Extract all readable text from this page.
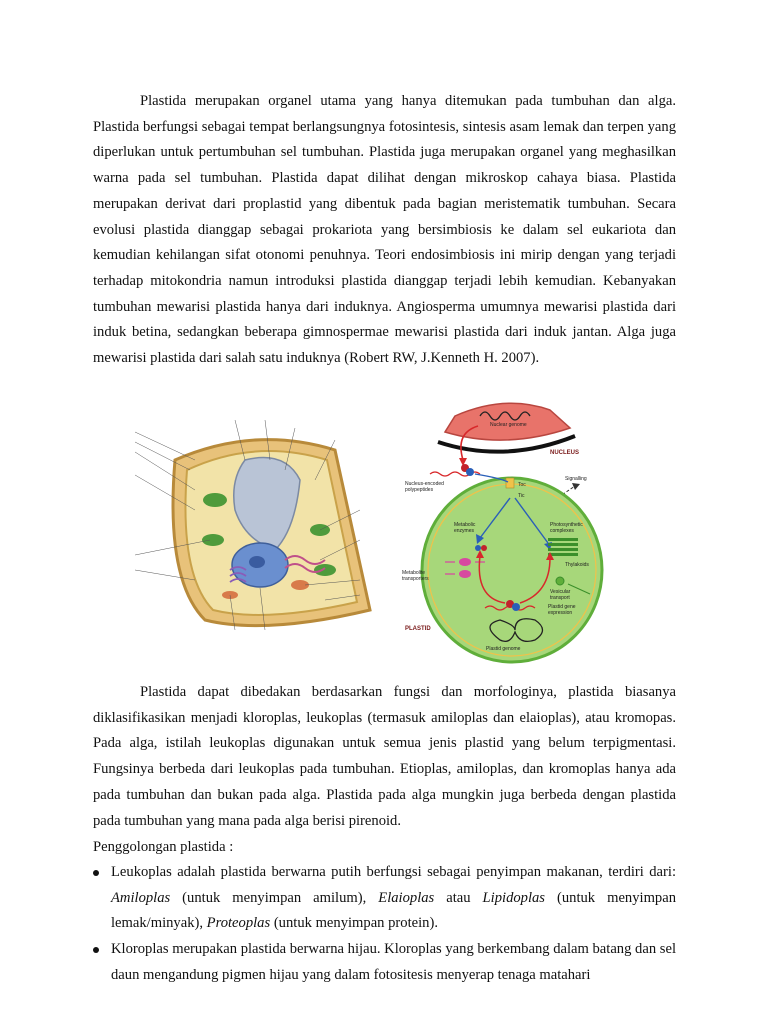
Plastida merupakan organel utama yang hanya ditemukan pada tumbuhan dan alga. Plastida berfungsi sebagai tempat berlangsungnya fotosintesis, sintesis asam lemak dan terpen yang diperlukan untuk pertumbuhan sel tumbuhan. Plastida juga merupakan organel yang meghasilkan warna pada sel tumbuhan. Plastida dapat dilihat dengan mikroskop cahaya biasa. Plastida merupakan derivat dari proplastid yang dibentuk pada bagian meristematik tumbuhan. Secara evolusi plastida dianggap sebagai prokariota yang bersimbiosis ke dalam sel eukariota dan kemudian kehilangan sifat otonomi penuhnya. Teori endosimbiosis ini mirip dengan yang terjadi terhadap mitokondria namun introduksi plastida dianggap terjadi lebih kemudian. Kebanyakan tumbuhan mewarisi plastida hanya dari induknya. Angiosperma umumnya mewarisi plastida dari induk betina, sedangkan beberapa gimnospermae mewarisi plastida dari induk jantan. Alga juga mewarisi plastida dari salah satu induknya (Robert RW, J.Kenneth H. 2007).

Nuclear genome
NUCLEUS
Nucleus-encoded
polypeptides
Signalling
Toc
Tic
Metabolic
enzymes
Photosynthetic
complexes
Thylakoids
Metabolite
transporters
Vesicular
transport
Plastid gene
expression
PLASTID
Plastid genome

Plastida dapat dibedakan berdasarkan fungsi dan morfologinya, plastida biasanya diklasifikasikan menjadi kloroplas, leukoplas (termasuk amiloplas dan elaioplas), atau kromopas. Pada alga, istilah leukoplas digunakan untuk semua jenis plastid yang belum terpigmentasi. Fungsinya berbeda dari leukoplas pada tumbuhan. Etioplas, amiloplas, dan kromoplas hanya ada pada tumbuhan dan bukan pada alga. Plastida pada alga mungkin juga berbeda dengan plastida pada tumbuhan yang mana pada alga berisi pirenoid.

Penggolongan plastida :

Leukoplas adalah plastida berwarna putih berfungsi sebagai penyimpan makanan, terdiri dari: Amiloplas (untuk menyimpan amilum), Elaioplas atau Lipidoplas (untuk menyimpan lemak/minyak), Proteoplas (untuk menyimpan protein).
Kloroplas merupakan plastida berwarna hijau. Kloroplas yang berkembang dalam batang dan sel daun mengandung pigmen hijau yang dalam fotositesis menyerap tenaga matahari
